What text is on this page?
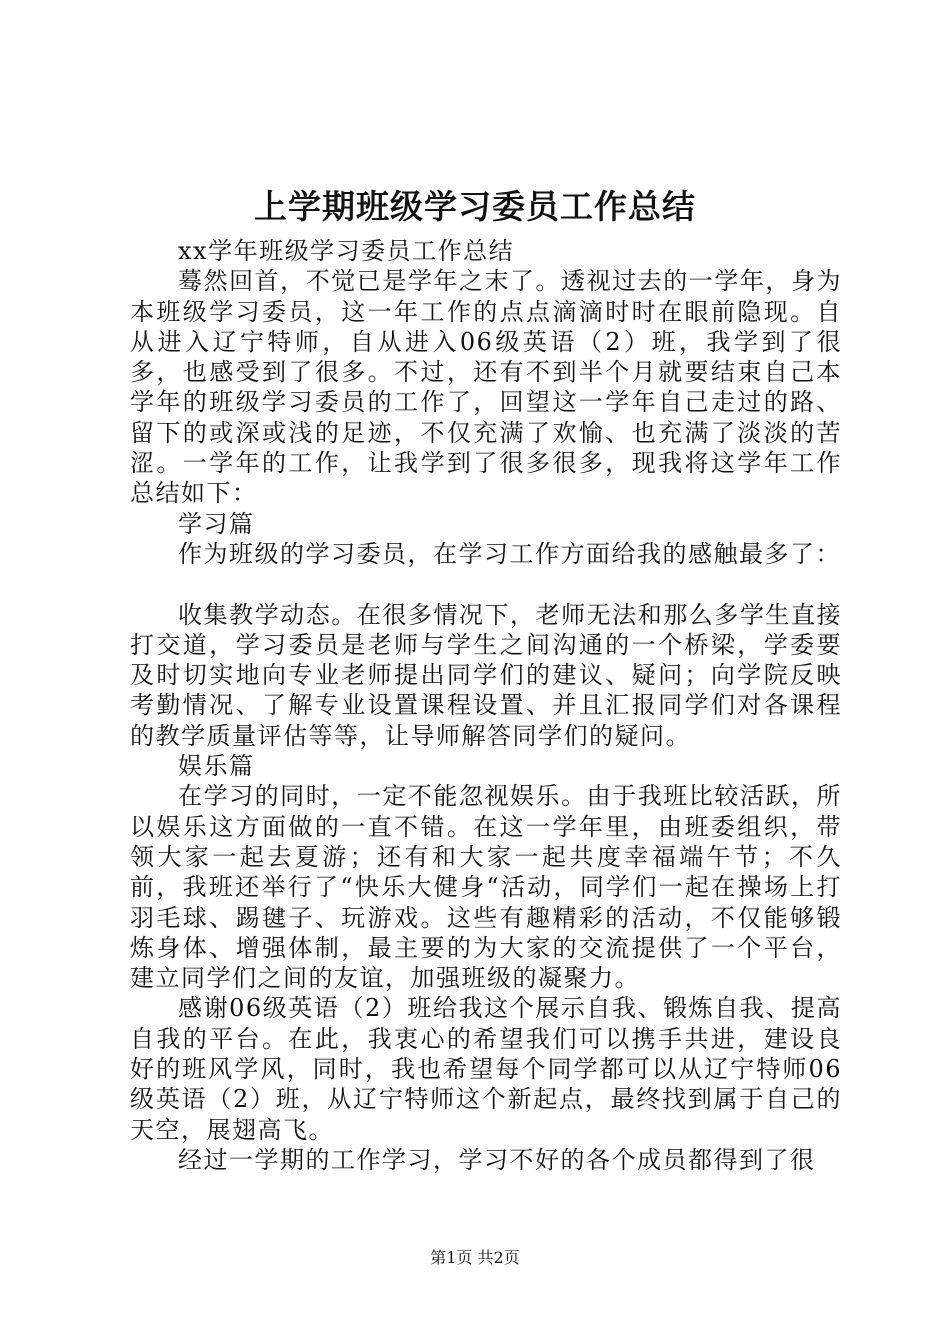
上学期班级学习委员工作总结

xx学年班级学习委员工作总结

蓦然回首，不觉已是学年之末了。透视过去的一学年，身为本班级学习委员，这一年工作的点点滴滴时时在眼前隐现。自从进入辽宁特师，自从进入06级英语（2）班，我学到了很多，也感受到了很多。不过，还有不到半个月就要结束自己本学年的班级学习委员的工作了，回望这一学年自己走过的路、留下的或深或浅的足迹，不仅充满了欢愉、也充满了淡淡的苦涩。一学年的工作，让我学到了很多很多，现我将这学年工作总结如下：

学习篇

作为班级的学习委员，在学习工作方面给我的感触最多了：

收集教学动态。在很多情况下，老师无法和那么多学生直接打交道，学习委员是老师与学生之间沟通的一个桥梁，学委要及时切实地向专业老师提出同学们的建议、疑问；向学院反映考勤情况、了解专业设置课程设置、并且汇报同学们对各课程的教学质量评估等等，让导师解答同学们的疑问。

娱乐篇

在学习的同时，一定不能忽视娱乐。由于我班比较活跃，所以娱乐这方面做的一直不错。在这一学年里，由班委组织，带领大家一起去夏游；还有和大家一起共度幸福端午节；不久前，我班还举行了“快乐大健身“活动，同学们一起在操场上打羽毛球、踢毽子、玩游戏。这些有趣精彩的活动，不仅能够锻炼身体、增强体制，最主要的为大家的交流提供了一个平台，建立同学们之间的友谊，加强班级的凝聚力。

感谢06级英语（2）班给我这个展示自我、锻炼自我、提高自我的平台。在此，我衷心的希望我们可以携手共进，建设良好的班风学风，同时，我也希望每个同学都可以从辽宁特师06级英语（2）班，从辽宁特师这个新起点，最终找到属于自己的天空，展翅高飞。

经过一学期的工作学习，学习不好的各个成员都得到了很

第1页 共2页
